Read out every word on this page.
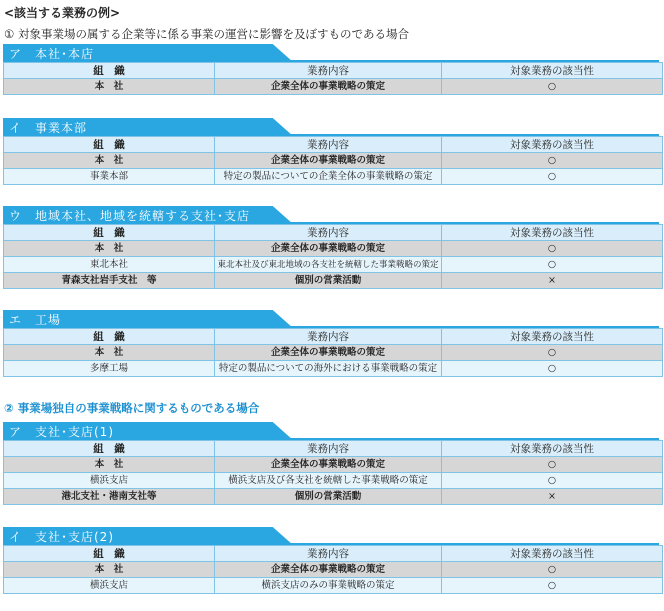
<該当する業務の例>
① 対象事業場の属する企業等に係る事業の運営に影響を及ぼすものである場合
ア　本社･本店
組　織	業務内容	対象業務の該当性
本　社	企業全体の事業戦略の策定	○
イ　事業本部
組　織	業務内容	対象業務の該当性
本　社	企業全体の事業戦略の策定	○
事業本部	特定の製品についての企業全体の事業戦略の策定	○
ウ　地域本社、地域を統轄する支社･支店
組　織	業務内容	対象業務の該当性
本　社	企業全体の事業戦略の策定	○
東北本社	東北本社及び東北地域の各支社を統轄した事業戦略の策定	○
青森支社岩手支社　等	個別の営業活動	×
エ　工場
組　織	業務内容	対象業務の該当性
本　社	企業全体の事業戦略の策定	○
多摩工場	特定の製品についての海外における事業戦略の策定	○
② 事業場独自の事業戦略に関するものである場合
ア　支社･支店(1)
組　織	業務内容	対象業務の該当性
本　社	企業全体の事業戦略の策定	○
横浜支店	横浜支店及び各支社を統轄した事業戦略の策定	○
港北支社・港南支社等	個別の営業活動	×
イ　支社･支店(2)
組　織	業務内容	対象業務の該当性
本　社	企業全体の事業戦略の策定	○
横浜支店	横浜支店のみの事業戦略の策定	○
